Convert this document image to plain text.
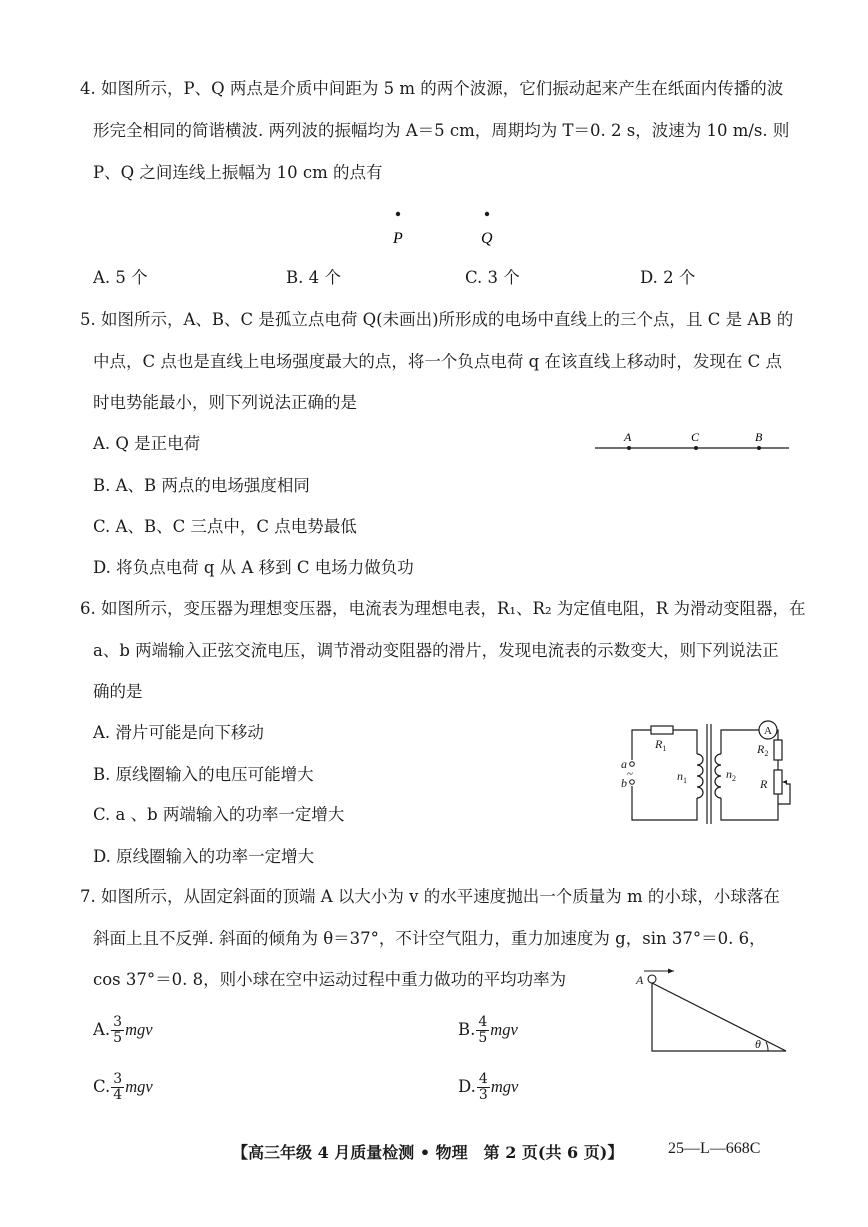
4. 如图所示，P、Q 两点是介质中间距为 5 m 的两个波源，它们振动起来产生在纸面内传播的波
形完全相同的简谐横波. 两列波的振幅均为 A＝5 cm，周期均为 T＝0. 2 s，波速为 10 m/s. 则
P、Q 之间连线上振幅为 10 cm 的点有
P	Q
A. 5 个	B. 4 个	C. 3 个	D. 2 个
5. 如图所示，A、B、C 是孤立点电荷 Q(未画出)所形成的电场中直线上的三个点，且 C 是 AB 的
中点，C 点也是直线上电场强度最大的点，将一个负点电荷 q 在该直线上移动时，发现在 C 点
时电势能最小，则下列说法正确的是
A. Q 是正电荷
B. A、B 两点的电场强度相同
C. A、B、C 三点中，C 点电势最低
D. 将负点电荷 q 从 A 移到 C 电场力做负功
A	C	B
6. 如图所示，变压器为理想变压器，电流表为理想电表，R₁、R₂ 为定值电阻，R 为滑动变阻器，在
a、b 两端输入正弦交流电压，调节滑动变阻器的滑片，发现电流表的示数变大，则下列说法正
确的是
A. 滑片可能是向下移动
B. 原线圈输入的电压可能增大
C. a 、b 两端输入的功率一定增大
D. 原线圈输入的功率一定增大
~
a
b
$R_1$
$n_1$	$n_2$
$R_2$
R
A
7. 如图所示，从固定斜面的顶端 A 以大小为 v 的水平速度抛出一个质量为 m 的小球，小球落在
斜面上且不反弹. 斜面的倾角为 θ＝37°，不计空气阻力，重力加速度为 g，sin 37°＝0. 6，
cos 37°＝0. 8，则小球在空中运动过程中重力做功的平均功率为	A
θ
A. $\frac{3}{5}$ mgv	B. $\frac{4}{5}$ mgv
C. $\frac{3}{4}$ mgv	D. $\frac{4}{3}$ mgv
【高三年级 4 月质量检测 • 物理　第 2 页(共 6 页)】	25—L—668C
